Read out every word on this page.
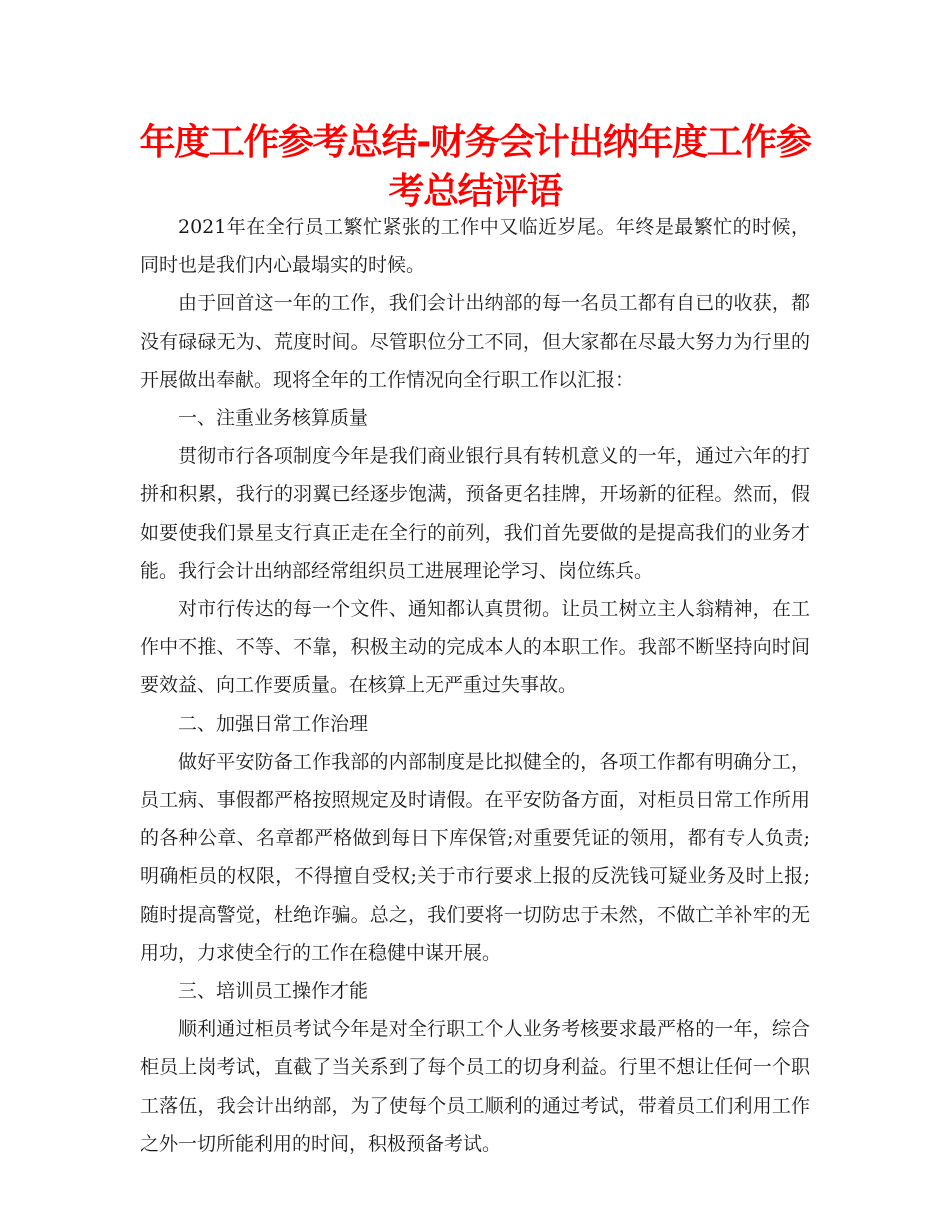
年度工作参考总结-财务会计出纳年度工作参考总结评语

2021年在全行员工繁忙紧张的工作中又临近岁尾。年终是最繁忙的时候，同时也是我们内心最塌实的时候。

由于回首这一年的工作，我们会计出纳部的每一名员工都有自已的收获，都没有碌碌无为、荒度时间。尽管职位分工不同，但大家都在尽最大努力为行里的开展做出奉献。现将全年的工作情况向全行职工作以汇报：

一、注重业务核算质量

贯彻市行各项制度今年是我们商业银行具有转机意义的一年，通过六年的打拼和积累，我行的羽翼已经逐步饱满，预备更名挂牌，开场新的征程。然而，假如要使我们景星支行真正走在全行的前列，我们首先要做的是提高我们的业务才能。我行会计出纳部经常组织员工进展理论学习、岗位练兵。

对市行传达的每一个文件、通知都认真贯彻。让员工树立主人翁精神，在工作中不推、不等、不靠，积极主动的完成本人的本职工作。我部不断坚持向时间要效益、向工作要质量。在核算上无严重过失事故。

二、加强日常工作治理

做好平安防备工作我部的内部制度是比拟健全的，各项工作都有明确分工，员工病、事假都严格按照规定及时请假。在平安防备方面，对柜员日常工作所用的各种公章、名章都严格做到每日下库保管;对重要凭证的领用，都有专人负责;明确柜员的权限，不得擅自受权;关于市行要求上报的反洗钱可疑业务及时上报;随时提高警觉，杜绝诈骗。总之，我们要将一切防忠于未然，不做亡羊补牢的无用功，力求使全行的工作在稳健中谋开展。

三、培训员工操作才能

顺利通过柜员考试今年是对全行职工个人业务考核要求最严格的一年，综合柜员上岗考试，直截了当关系到了每个员工的切身利益。行里不想让任何一个职工落伍，我会计出纳部，为了使每个员工顺利的通过考试，带着员工们利用工作之外一切所能利用的时间，积极预备考试。
